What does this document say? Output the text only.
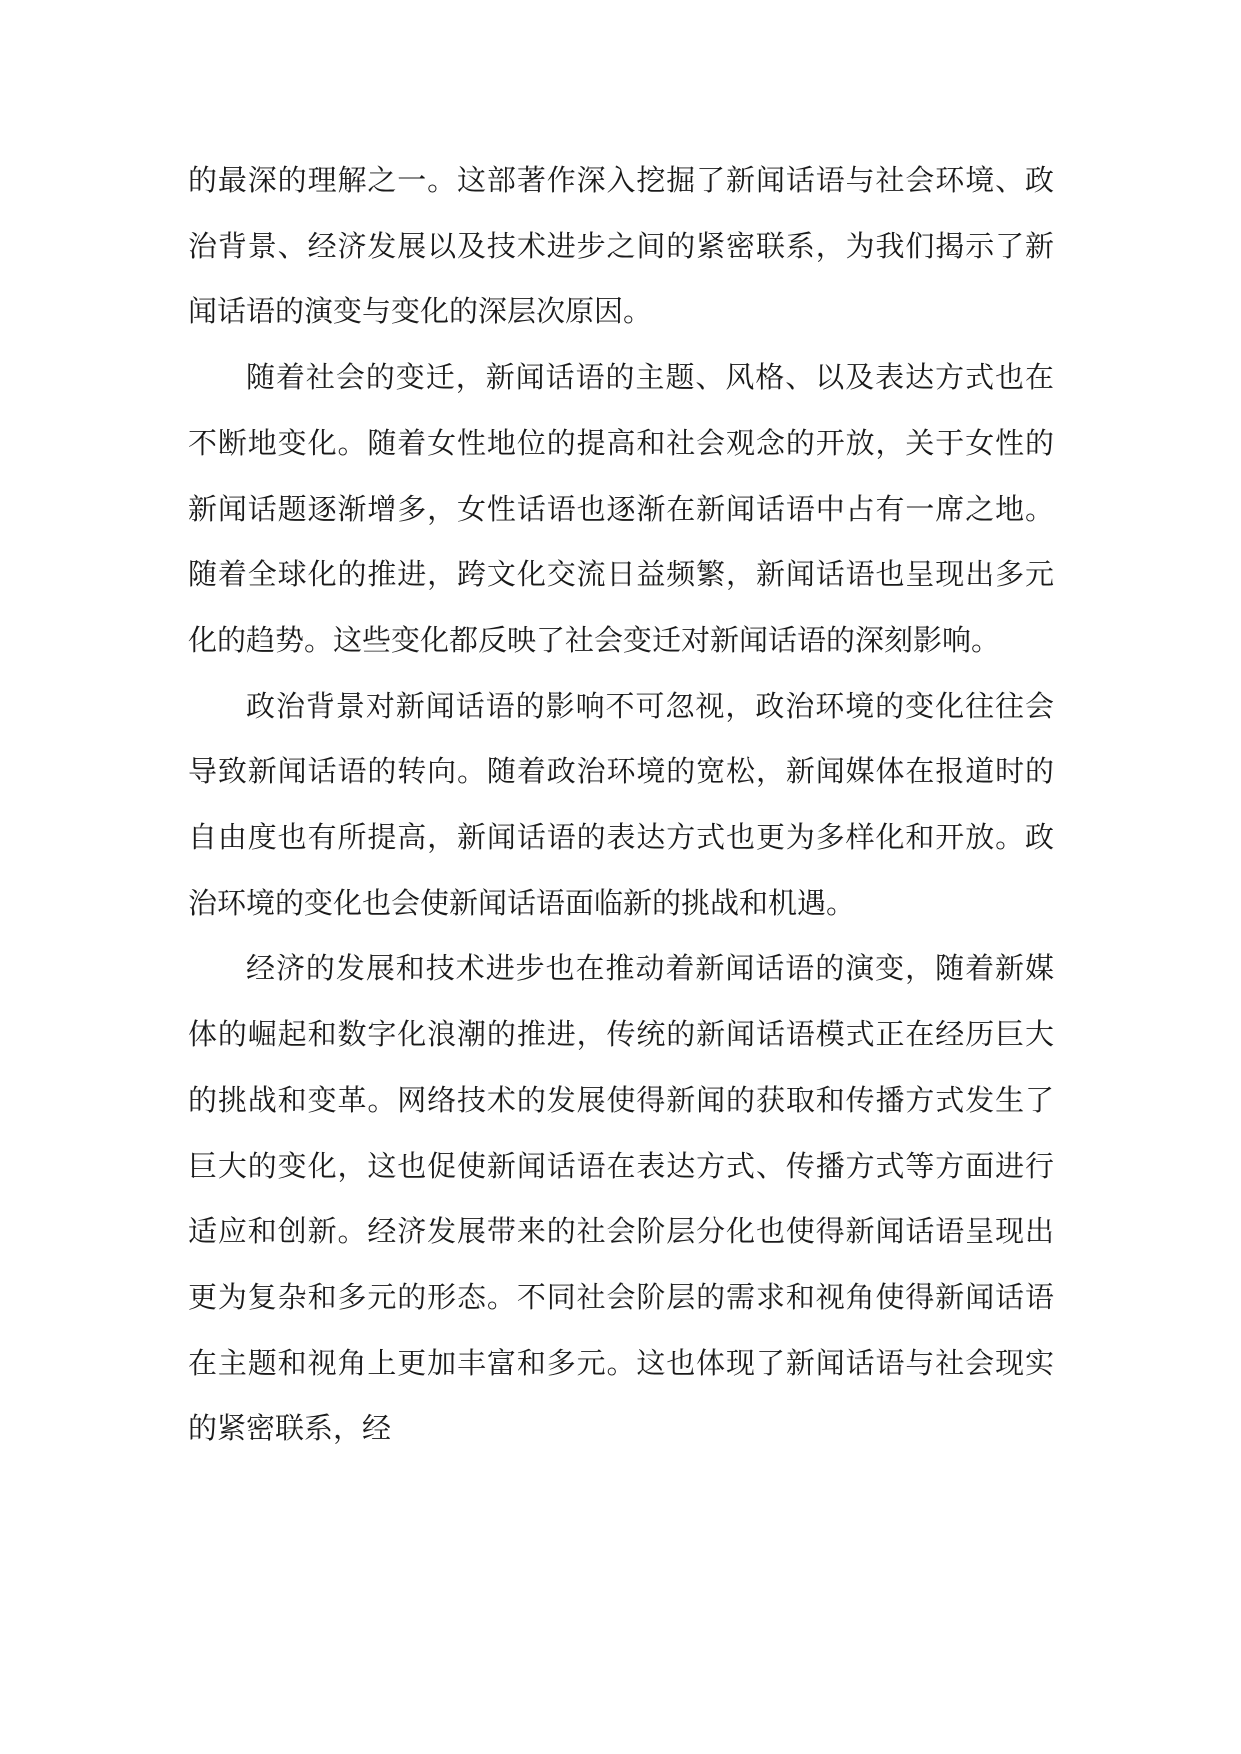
的最深的理解之一。这部著作深入挖掘了新闻话语与社会环境、政治背景、经济发展以及技术进步之间的紧密联系，为我们揭示了新闻话语的演变与变化的深层次原因。

随着社会的变迁，新闻话语的主题、风格、以及表达方式也在不断地变化。随着女性地位的提高和社会观念的开放，关于女性的新闻话题逐渐增多，女性话语也逐渐在新闻话语中占有一席之地。随着全球化的推进，跨文化交流日益频繁，新闻话语也呈现出多元化的趋势。这些变化都反映了社会变迁对新闻话语的深刻影响。

政治背景对新闻话语的影响不可忽视，政治环境的变化往往会导致新闻话语的转向。随着政治环境的宽松，新闻媒体在报道时的自由度也有所提高，新闻话语的表达方式也更为多样化和开放。政治环境的变化也会使新闻话语面临新的挑战和机遇。

经济的发展和技术进步也在推动着新闻话语的演变，随着新媒体的崛起和数字化浪潮的推进，传统的新闻话语模式正在经历巨大的挑战和变革。网络技术的发展使得新闻的获取和传播方式发生了巨大的变化，这也促使新闻话语在表达方式、传播方式等方面进行适应和创新。经济发展带来的社会阶层分化也使得新闻话语呈现出更为复杂和多元的形态。不同社会阶层的需求和视角使得新闻话语在主题和视角上更加丰富和多元。这也体现了新闻话语与社会现实的紧密联系，经
